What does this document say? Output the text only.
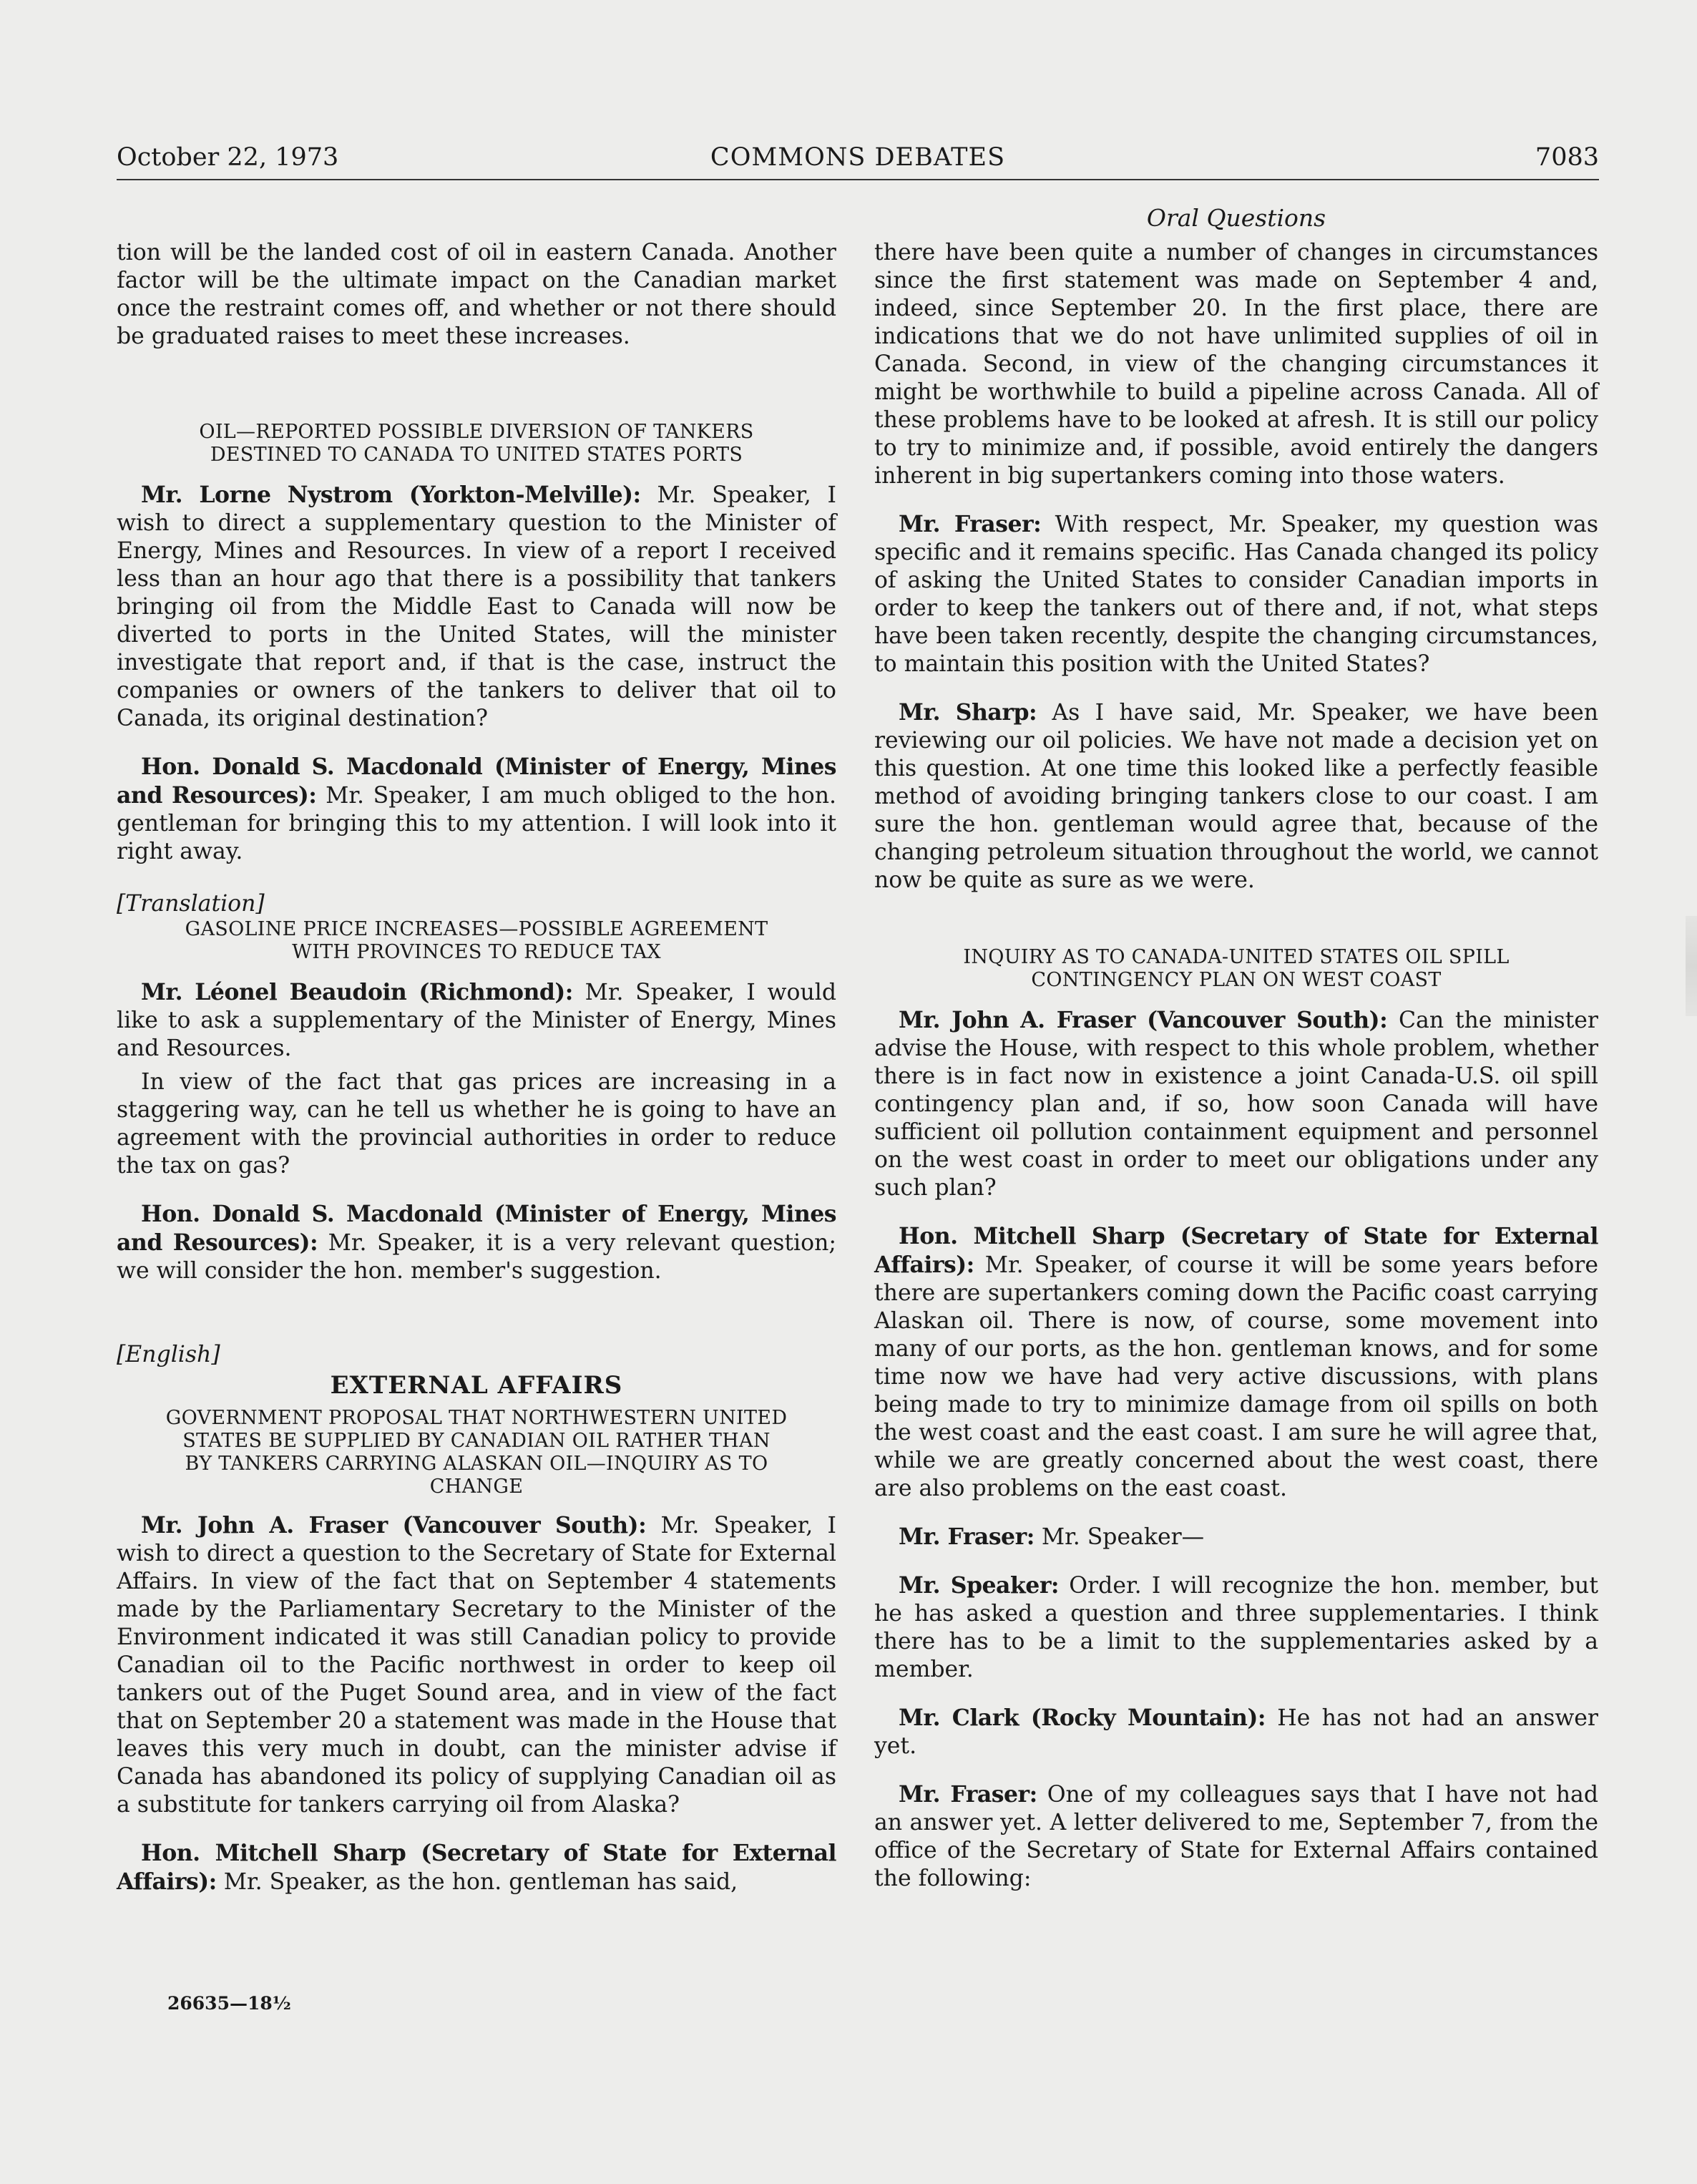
October 22, 1973	COMMONS DEBATES	7083
Oral Questions

tion will be the landed cost of oil in eastern Canada. Another factor will be the ultimate impact on the Canadian market once the restraint comes off, and whether or not there should be graduated raises to meet these increases.

OIL—REPORTED POSSIBLE DIVERSION OF TANKERS

DESTINED TO CANADA TO UNITED STATES PORTS

Mr. Lorne Nystrom (Yorkton-Melville): Mr. Speaker, I wish to direct a supplementary question to the Minister of Energy, Mines and Resources. In view of a report I received less than an hour ago that there is a possibility that tankers bringing oil from the Middle East to Canada will now be diverted to ports in the United States, will the minister investigate that report and, if that is the case, instruct the companies or owners of the tankers to deliver that oil to Canada, its original destination?

Hon. Donald S. Macdonald (Minister of Energy, Mines and Resources): Mr. Speaker, I am much obliged to the hon. gentleman for bringing this to my attention. I will look into it right away.

[Translation]

GASOLINE PRICE INCREASES—POSSIBLE AGREEMENT

WITH PROVINCES TO REDUCE TAX

Mr. Léonel Beaudoin (Richmond): Mr. Speaker, I would like to ask a supplementary of the Minister of Energy, Mines and Resources.

In view of the fact that gas prices are increasing in a staggering way, can he tell us whether he is going to have an agreement with the provincial authorities in order to reduce the tax on gas?

Hon. Donald S. Macdonald (Minister of Energy, Mines and Resources): Mr. Speaker, it is a very relevant question; we will consider the hon. member's suggestion.

[English]

EXTERNAL AFFAIRS

GOVERNMENT PROPOSAL THAT NORTHWESTERN UNITED

STATES BE SUPPLIED BY CANADIAN OIL RATHER THAN

BY TANKERS CARRYING ALASKAN OIL—INQUIRY AS TO

CHANGE

Mr. John A. Fraser (Vancouver South): Mr. Speaker, I wish to direct a question to the Secretary of State for External Affairs. In view of the fact that on September 4 statements made by the Parliamentary Secretary to the Minister of the Environment indicated it was still Canadian policy to provide Canadian oil to the Pacific northwest in order to keep oil tankers out of the Puget Sound area, and in view of the fact that on September 20 a statement was made in the House that leaves this very much in doubt, can the minister advise if Canada has abandoned its policy of supplying Canadian oil as a substitute for tankers carrying oil from Alaska?

Hon. Mitchell Sharp (Secretary of State for External Affairs): Mr. Speaker, as the hon. gentleman has said,

there have been quite a number of changes in circumstances since the first statement was made on September 4 and, indeed, since September 20. In the first place, there are indications that we do not have unlimited supplies of oil in Canada. Second, in view of the changing circumstances it might be worthwhile to build a pipeline across Canada. All of these problems have to be looked at afresh. It is still our policy to try to minimize and, if possible, avoid entirely the dangers inherent in big supertankers coming into those waters.

Mr. Fraser: With respect, Mr. Speaker, my question was specific and it remains specific. Has Canada changed its policy of asking the United States to consider Canadian imports in order to keep the tankers out of there and, if not, what steps have been taken recently, despite the changing circumstances, to maintain this position with the United States?

Mr. Sharp: As I have said, Mr. Speaker, we have been reviewing our oil policies. We have not made a decision yet on this question. At one time this looked like a perfectly feasible method of avoiding bringing tankers close to our coast. I am sure the hon. gentleman would agree that, because of the changing petroleum situation throughout the world, we cannot now be quite as sure as we were.

INQUIRY AS TO CANADA-UNITED STATES OIL SPILL

CONTINGENCY PLAN ON WEST COAST

Mr. John A. Fraser (Vancouver South): Can the minister advise the House, with respect to this whole problem, whether there is in fact now in existence a joint Canada-U.S. oil spill contingency plan and, if so, how soon Canada will have sufficient oil pollution containment equipment and personnel on the west coast in order to meet our obligations under any such plan?

Hon. Mitchell Sharp (Secretary of State for External Affairs): Mr. Speaker, of course it will be some years before there are supertankers coming down the Pacific coast carrying Alaskan oil. There is now, of course, some movement into many of our ports, as the hon. gentleman knows, and for some time now we have had very active discussions, with plans being made to try to minimize damage from oil spills on both the west coast and the east coast. I am sure he will agree that, while we are greatly concerned about the west coast, there are also problems on the east coast.

Mr. Fraser: Mr. Speaker—

Mr. Speaker: Order. I will recognize the hon. member, but he has asked a question and three supplementaries. I think there has to be a limit to the supplementaries asked by a member.

Mr. Clark (Rocky Mountain): He has not had an answer yet.

Mr. Fraser: One of my colleagues says that I have not had an answer yet. A letter delivered to me, September 7, from the office of the Secretary of State for External Affairs contained the following:

26635—18½
